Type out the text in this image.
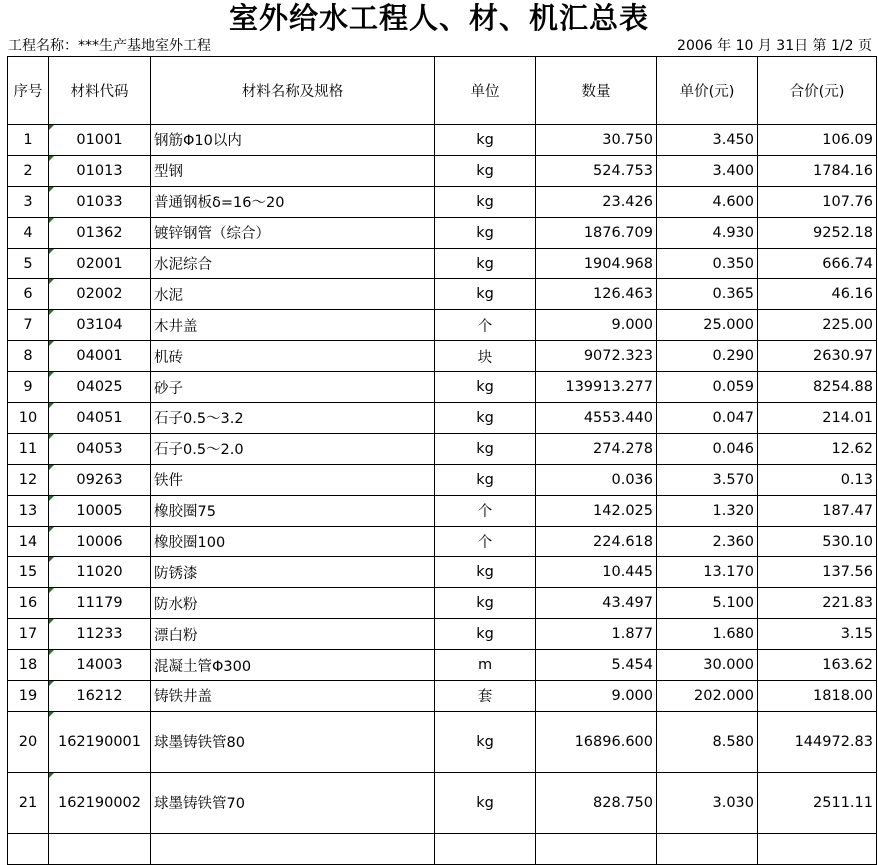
室外给水工程人、材、机汇总表
工程名称：***生产基地室外工程	2006 年 10 月 31日 第 1/2 页
序号	材料代码	材料名称及规格	单位	数量	单价(元)	合价(元)
1	01001	钢筋Φ10以内	kg	30.750	3.450	106.09
2	01013	型钢	kg	524.753	3.400	1784.16
3	01033	普通钢板δ=16～20	kg	23.426	4.600	107.76
4	01362	镀锌钢管（综合）	kg	1876.709	4.930	9252.18
5	02001	水泥综合	kg	1904.968	0.350	666.74
6	02002	水泥	kg	126.463	0.365	46.16
7	03104	木井盖	个	9.000	25.000	225.00
8	04001	机砖	块	9072.323	0.290	2630.97
9	04025	砂子	kg	139913.277	0.059	8254.88
10	04051	石子0.5～3.2	kg	4553.440	0.047	214.01
11	04053	石子0.5～2.0	kg	274.278	0.046	12.62
12	09263	铁件	kg	0.036	3.570	0.13
13	10005	橡胶圈75	个	142.025	1.320	187.47
14	10006	橡胶圈100	个	224.618	2.360	530.10
15	11020	防锈漆	kg	10.445	13.170	137.56
16	11179	防水粉	kg	43.497	5.100	221.83
17	11233	漂白粉	kg	1.877	1.680	3.15
18	14003	混凝土管Φ300	m	5.454	30.000	163.62
19	16212	铸铁井盖	套	9.000	202.000	1818.00
20	162190001	球墨铸铁管80	kg	16896.600	8.580	144972.83
21	162190002	球墨铸铁管70	kg	828.750	3.030	2511.11
